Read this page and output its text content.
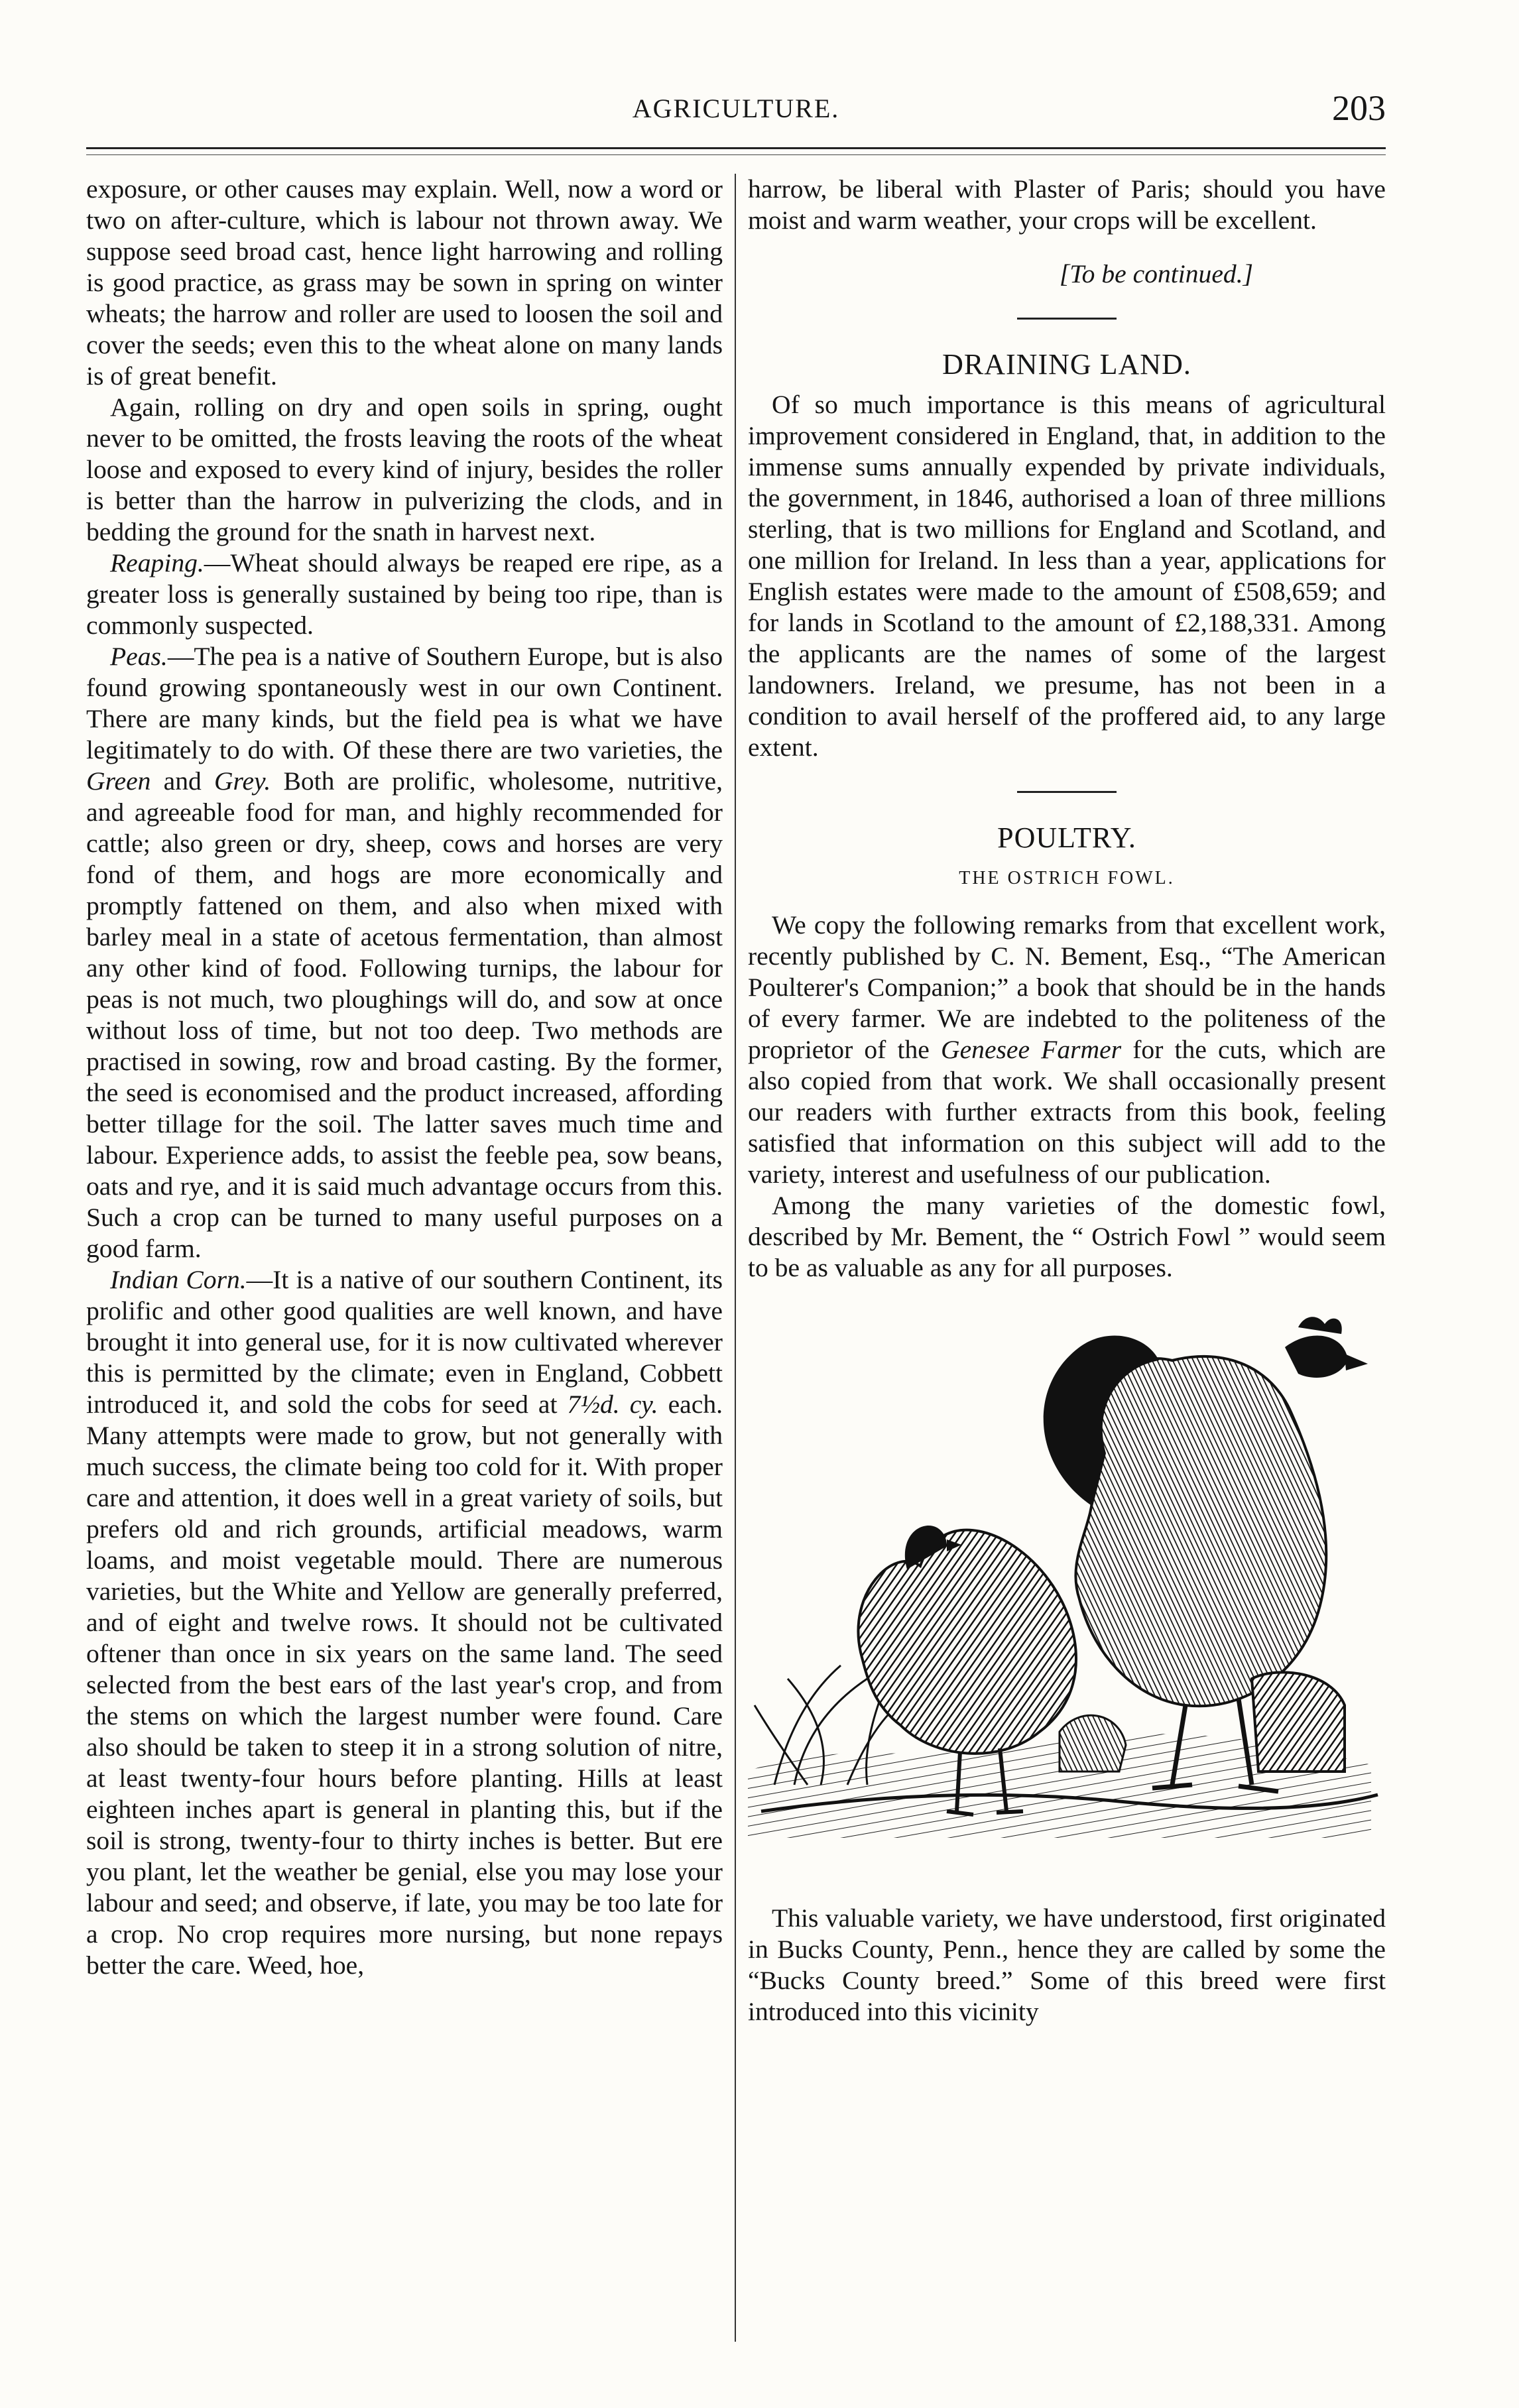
AGRICULTURE.	203

exposure, or other causes may explain. Well, now a word or two on after-culture, which is labour not thrown away. We suppose seed broad cast, hence light harrowing and rolling is good practice, as grass may be sown in spring on winter wheats; the harrow and roller are used to loosen the soil and cover the seeds; even this to the wheat alone on many lands is of great benefit.

Again, rolling on dry and open soils in spring, ought never to be omitted, the frosts leaving the roots of the wheat loose and exposed to every kind of injury, besides the roller is better than the harrow in pulverizing the clods, and in bedding the ground for the snath in harvest next.

Reaping.—Wheat should always be reaped ere ripe, as a greater loss is generally sustained by being too ripe, than is commonly suspected.

Peas.—The pea is a native of Southern Europe, but is also found growing spontaneously west in our own Continent. There are many kinds, but the field pea is what we have legitimately to do with. Of these there are two varieties, the Green and Grey. Both are prolific, wholesome, nutritive, and agreeable food for man, and highly recommended for cattle; also green or dry, sheep, cows and horses are very fond of them, and hogs are more economically and promptly fattened on them, and also when mixed with barley meal in a state of acetous fermentation, than almost any other kind of food. Following turnips, the labour for peas is not much, two ploughings will do, and sow at once without loss of time, but not too deep. Two methods are practised in sowing, row and broad casting. By the former, the seed is economised and the product increased, affording better tillage for the soil. The latter saves much time and labour. Experience adds, to assist the feeble pea, sow beans, oats and rye, and it is said much advantage occurs from this. Such a crop can be turned to many useful purposes on a good farm.

Indian Corn.—It is a native of our southern Continent, its prolific and other good qualities are well known, and have brought it into general use, for it is now cultivated wherever this is permitted by the climate; even in England, Cobbett introduced it, and sold the cobs for seed at 7½d. cy. each. Many attempts were made to grow, but not generally with much success, the climate being too cold for it. With proper care and attention, it does well in a great variety of soils, but prefers old and rich grounds, artificial meadows, warm loams, and moist vegetable mould. There are numerous varieties, but the White and Yellow are generally preferred, and of eight and twelve rows. It should not be cultivated oftener than once in six years on the same land. The seed selected from the best ears of the last year's crop, and from the stems on which the largest number were found. Care also should be taken to steep it in a strong solution of nitre, at least twenty-four hours before planting. Hills at least eighteen inches apart is general in planting this, but if the soil is strong, twenty-four to thirty inches is better. But ere you plant, let the weather be genial, else you may lose your labour and seed; and observe, if late, you may be too late for a crop. No crop requires more nursing, but none repays better the care. Weed, hoe,

harrow, be liberal with Plaster of Paris; should you have moist and warm weather, your crops will be excellent.

[To be continued.]

DRAINING LAND.

Of so much importance is this means of agricultural improvement considered in England, that, in addition to the immense sums annually expended by private individuals, the government, in 1846, authorised a loan of three millions sterling, that is two millions for England and Scotland, and one million for Ireland. In less than a year, applications for English estates were made to the amount of £508,659; and for lands in Scotland to the amount of £2,188,331. Among the applicants are the names of some of the largest landowners. Ireland, we presume, has not been in a condition to avail herself of the proffered aid, to any large extent.

POULTRY.
THE OSTRICH FOWL.

We copy the following remarks from that excellent work, recently published by C. N. Bement, Esq., “The American Poulterer's Companion;” a book that should be in the hands of every farmer. We are indebted to the politeness of the proprietor of the Genesee Farmer for the cuts, which are also copied from that work. We shall occasionally present our readers with further extracts from this book, feeling satisfied that information on this subject will add to the variety, interest and usefulness of our publication.

Among the many varieties of the domestic fowl, described by Mr. Bement, the “ Ostrich Fowl ” would seem to be as valuable as any for all purposes.

This valuable variety, we have understood, first originated in Bucks County, Penn., hence they are called by some the “Bucks County breed.” Some of this breed were first introduced into this vicinity
